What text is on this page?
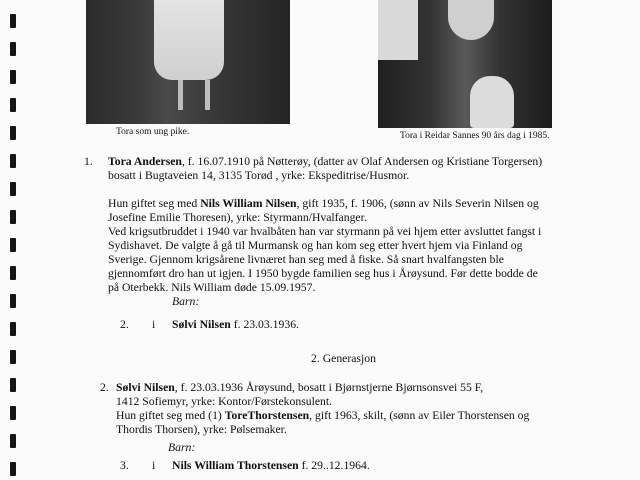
Tora som ung pike.	Tora i Reidar Sannes 90 års dag i 1985.
1. Tora Andersen, f. 16.07.1910 på Nøtterøy, (datter av Olaf Andersen og Kristiane Torgersen)
bosatt i Bugtaveien 14, 3135 Torød , yrke: Ekspeditrise/Husmor.
Hun giftet seg med Nils William Nilsen, gift 1935, f. 1906, (sønn av Nils Severin Nilsen og
Josefine Emilie Thoresen), yrke: Styrmann/Hvalfanger.
Ved krigsutbruddet i 1940 var hvalbåten han var styrmann på vei hjem etter avsluttet fangst i
Sydishavet. De valgte å gå til Murmansk og han kom seg etter hvert hjem via Finland og
Sverige. Gjennom krigsårene livnæret han seg med å fiske. Så snart hvalfangsten ble
gjennomført dro han ut igjen. I 1950 bygde familien seg hus i Årøysund. Før dette bodde de
på Oterbekk. Nils William døde 15.09.1957.
Barn:
2. i Sølvi Nilsen f. 23.03.1936.
2. Generasjon
2. Sølvi Nilsen, f. 23.03.1936 Årøysund, bosatt i Bjørnstjerne Bjørnsonsvei 55 F,
1412 Sofiemyr, yrke: Kontor/Førstekonsulent.
Hun giftet seg med (1) ToreThorstensen, gift 1963, skilt, (sønn av Eiler Thorstensen og
Thordis Thorsen), yrke: Pølsemaker.
Barn:
3. i Nils William Thorstensen f. 29..12.1964.
